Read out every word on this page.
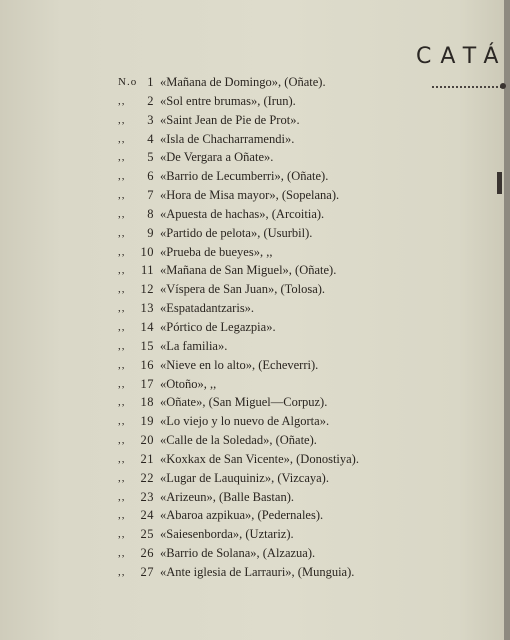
CATÁ
N.o 1 «Mañana de Domingo», (Oñate).
,, 2 «Sol entre brumas», (Irun).
,, 3 «Saint Jean de Pie de Prot».
,, 4 «Isla de Chacharramendi».
,, 5 «De Vergara a Oñate».
,, 6 «Barrio de Lecumberri», (Oñate).
,, 7 «Hora de Misa mayor», (Sopelana).
,, 8 «Apuesta de hachas», (Arcoitia).
,, 9 «Partido de pelota», (Usurbil).
,, 10 «Prueba de bueyes», ,,
,, 11 «Mañana de San Miguel», (Oñate).
,, 12 «Víspera de San Juan», (Tolosa).
,, 13 «Espatadantzaris».
,, 14 «Pórtico de Legazpia».
,, 15 «La familia».
,, 16 «Nieve en lo alto», (Echeverri).
,, 17 «Otoño», ,,
,, 18 «Oñate», (San Miguel—Corpuz).
,, 19 «Lo viejo y lo nuevo de Algorta».
,, 20 «Calle de la Soledad», (Oñate).
,, 21 «Koxkax de San Vicente», (Donostiya).
,, 22 «Lugar de Lauquiniz», (Vizcaya).
,, 23 «Arizeun», (Balle Bastan).
,, 24 «Abaroa azpikua», (Pedernales).
,, 25 «Saiesenborda», (Uztariz).
,, 26 «Barrio de Solana», (Alzazua).
,, 27 «Ante iglesia de Larrauri», (Munguia).
